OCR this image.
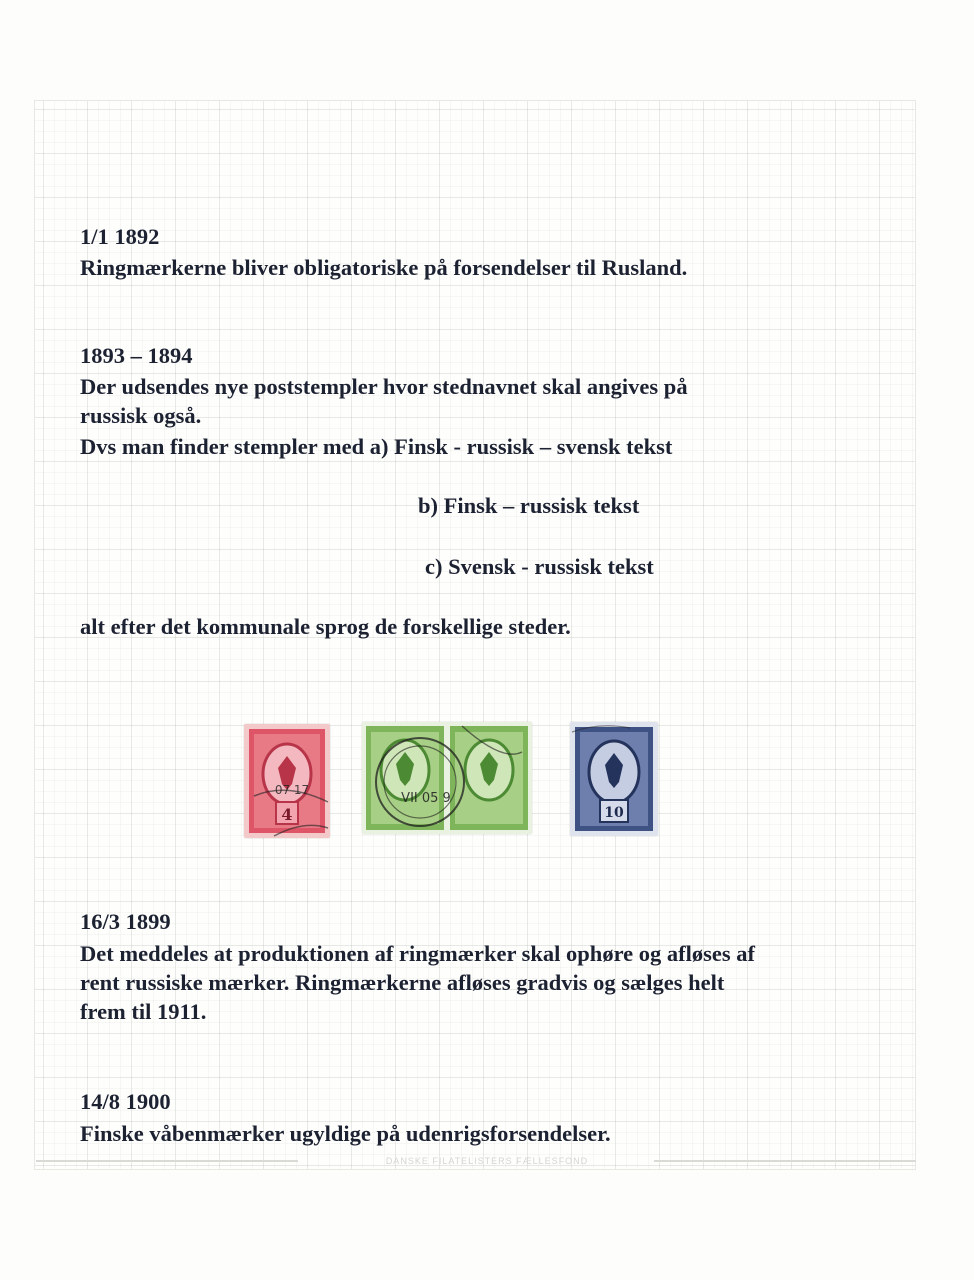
1/1 1892

Ringmærkerne bliver obligatoriske på forsendelser til Rusland.

1893 – 1894

Der udsendes nye poststempler hvor stednavnet skal angives på

russisk også.

Dvs man finder stempler med a) Finsk - russisk – svensk tekst

b) Finsk – russisk tekst

c) Svensk - russisk tekst

alt efter det kommunale sprog de forskellige steder.

4
07 17
VII 05 9
10

16/3 1899

Det meddeles at produktionen af ringmærker skal ophøre og afløses af

rent russiske mærker. Ringmærkerne afløses gradvis og sælges helt

frem til 1911.

14/8 1900

Finske våbenmærker ugyldige på udenrigsforsendelser.

DANSKE FILATELISTERS FÆLLESFOND
